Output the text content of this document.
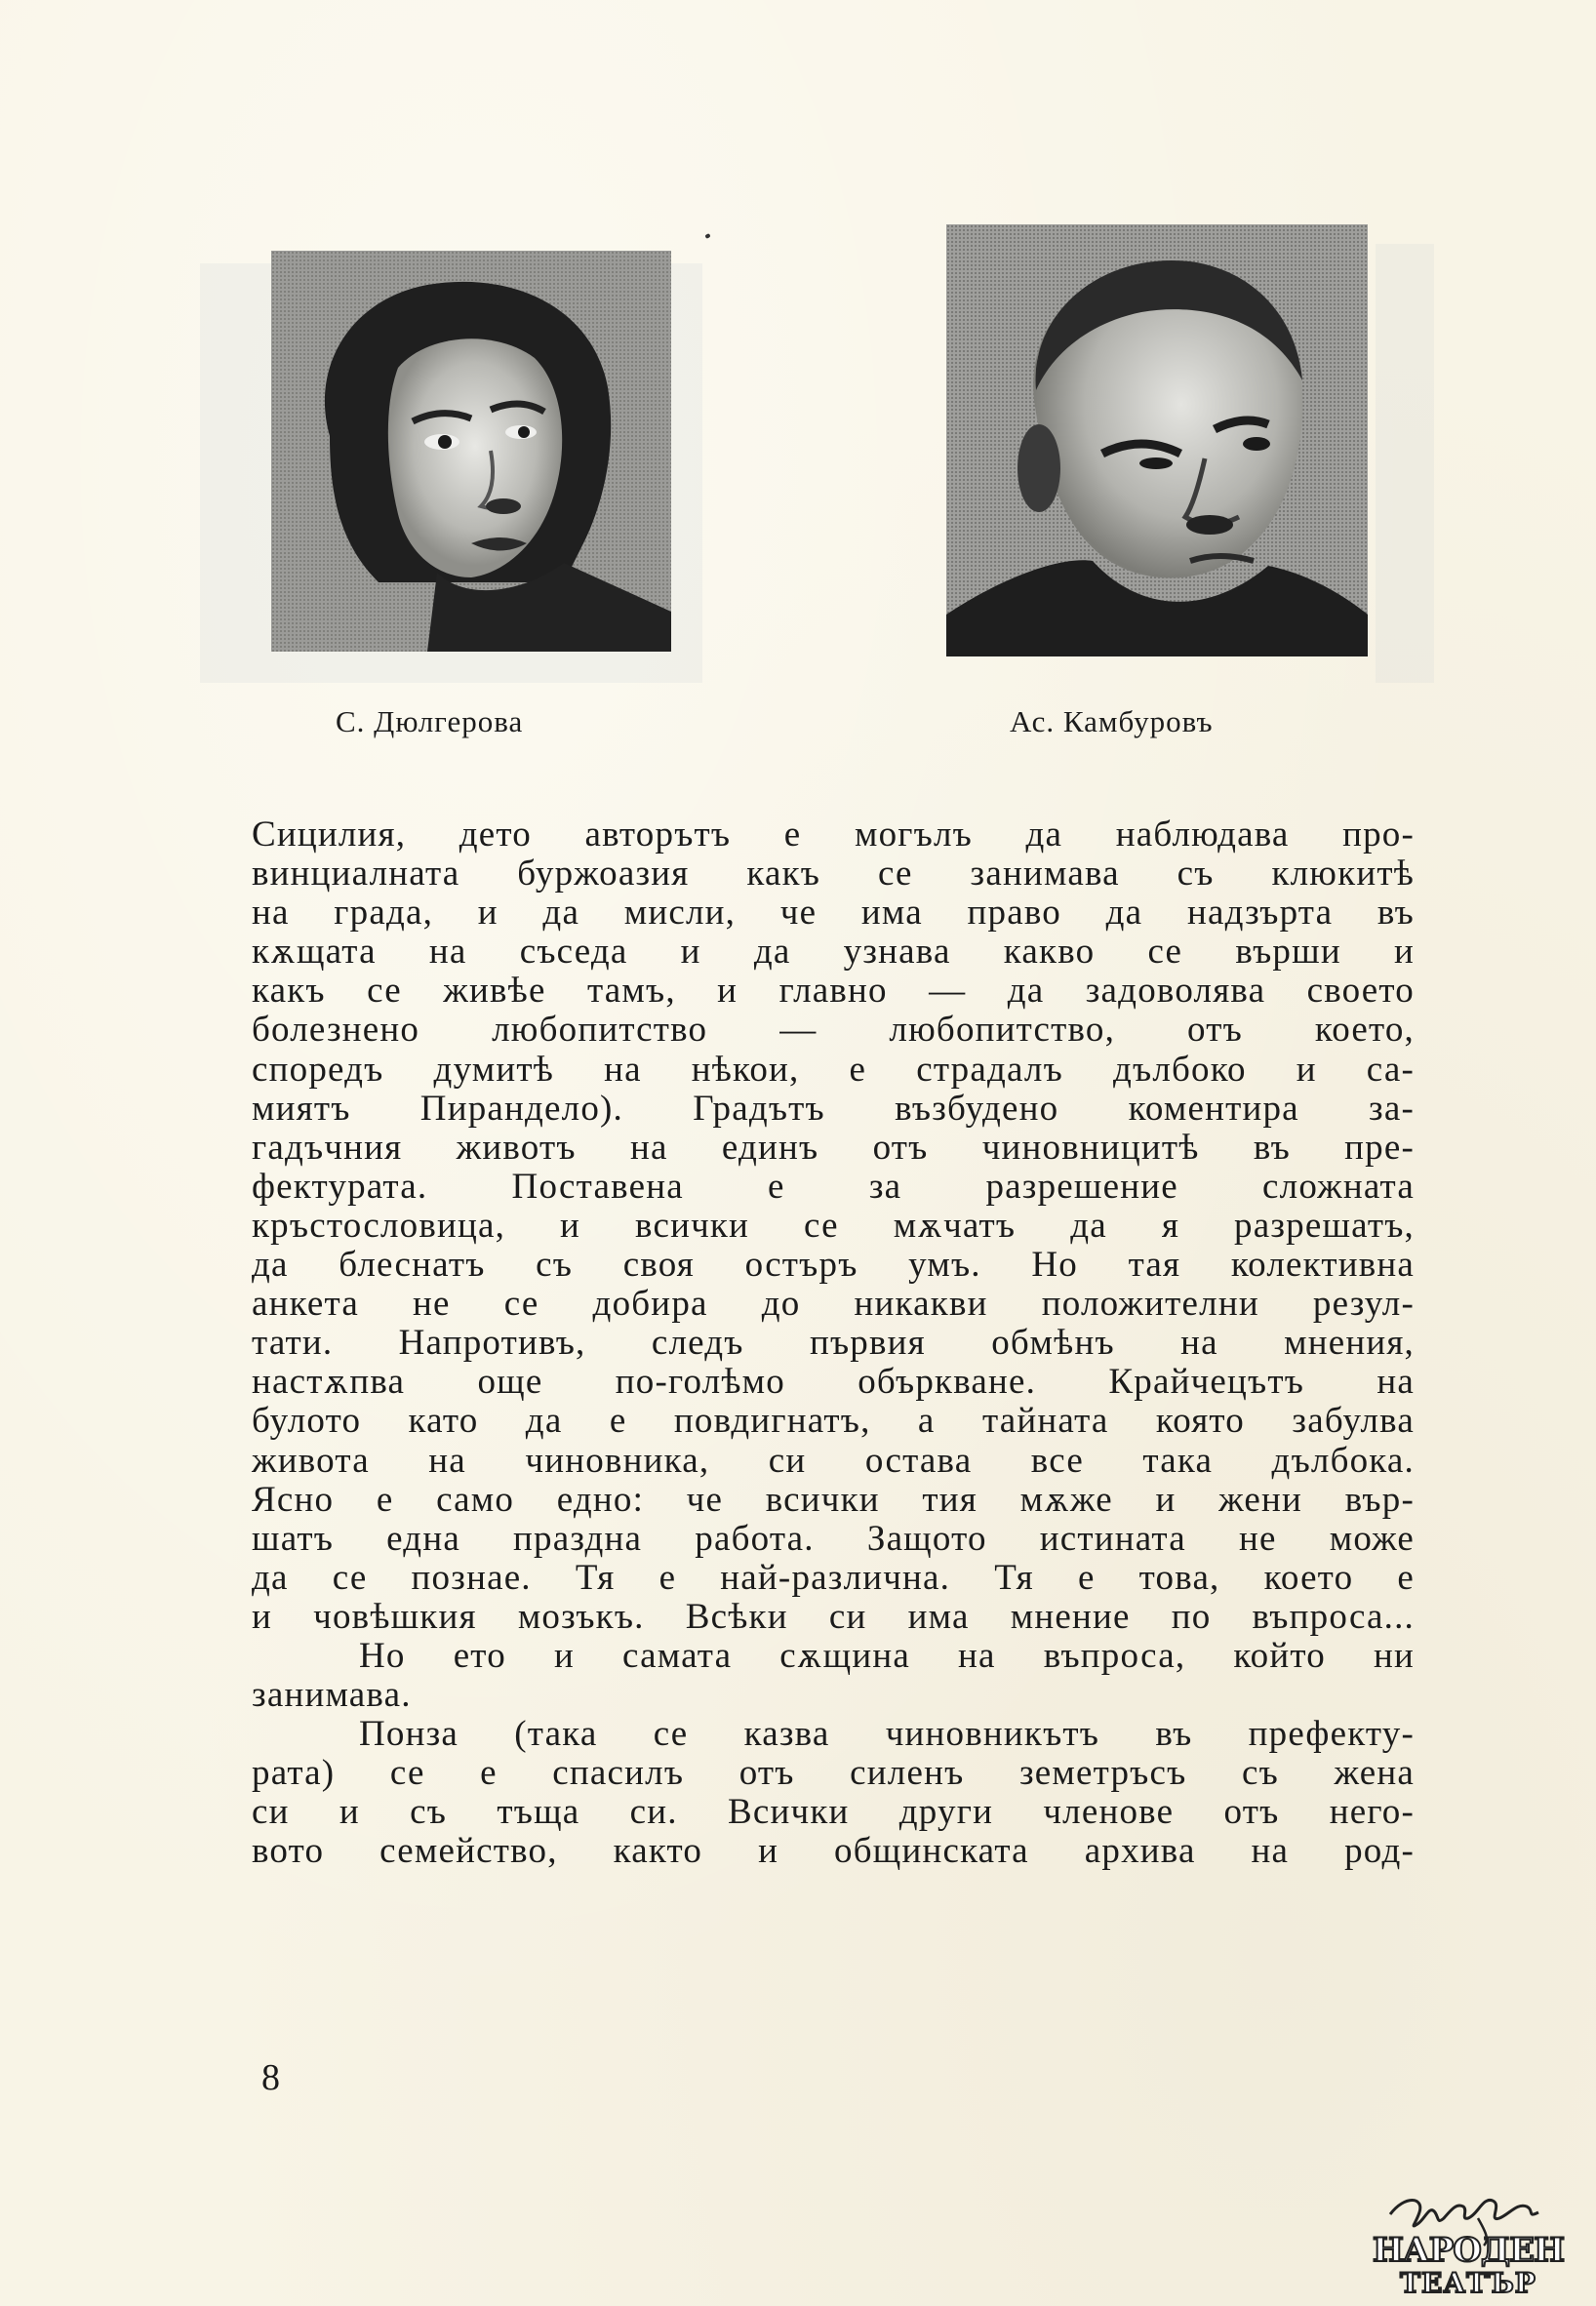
С. Дюлгерова	Ас. Камбуровъ
Сицилия, дето авторътъ е могълъ да наблюдава про-
винциалната буржоазия какъ се занимава съ клюкитѣ
на града, и да мисли, че има право да надзърта въ
кѫщата на съседа и да узнава какво се върши и
какъ се живѣе тамъ, и главно — да задоволява своето
болезнено любопитство — любопитство, отъ което,
споредъ думитѣ на нѣкои, е страдалъ дълбоко и са-
миятъ Пирандело). Градътъ възбудено коментира за-
гадъчния животъ на единъ отъ чиновницитѣ въ пре-
фектурата. Поставена е за разрешение сложната
кръстословица, и всички се мѫчатъ да я разрешатъ,
да блеснатъ съ своя остъръ умъ. Но тая колективна
анкета не се добира до никакви положителни резул-
тати. Напротивъ, следъ първия обмѣнъ на мнения,
настѫпва още по-голѣмо объркване. Крайчецътъ на
булото като да е повдигнатъ, а тайната която забулва
живота на чиновника, си остава все така дълбока.
Ясно е само едно: че всички тия мѫже и жени вър-
шатъ една празднa работа. Защото истината не може
да се познае. Тя е най-различна. Тя е това, което е
и човѣшкия мозъкъ. Всѣки си има мнение по въпроса...
Но ето и самата сѫщина на въпроса, който ни
занимава.
Понза (така се казва чиновникътъ въ префекту-
рата) се е спасилъ отъ силенъ земетръсъ съ жена
си и съ тъща си. Всички други членове отъ него-
вото семейство, както и общинската архива на род-
8
НАРОДЕН
ТЕАТЪР
